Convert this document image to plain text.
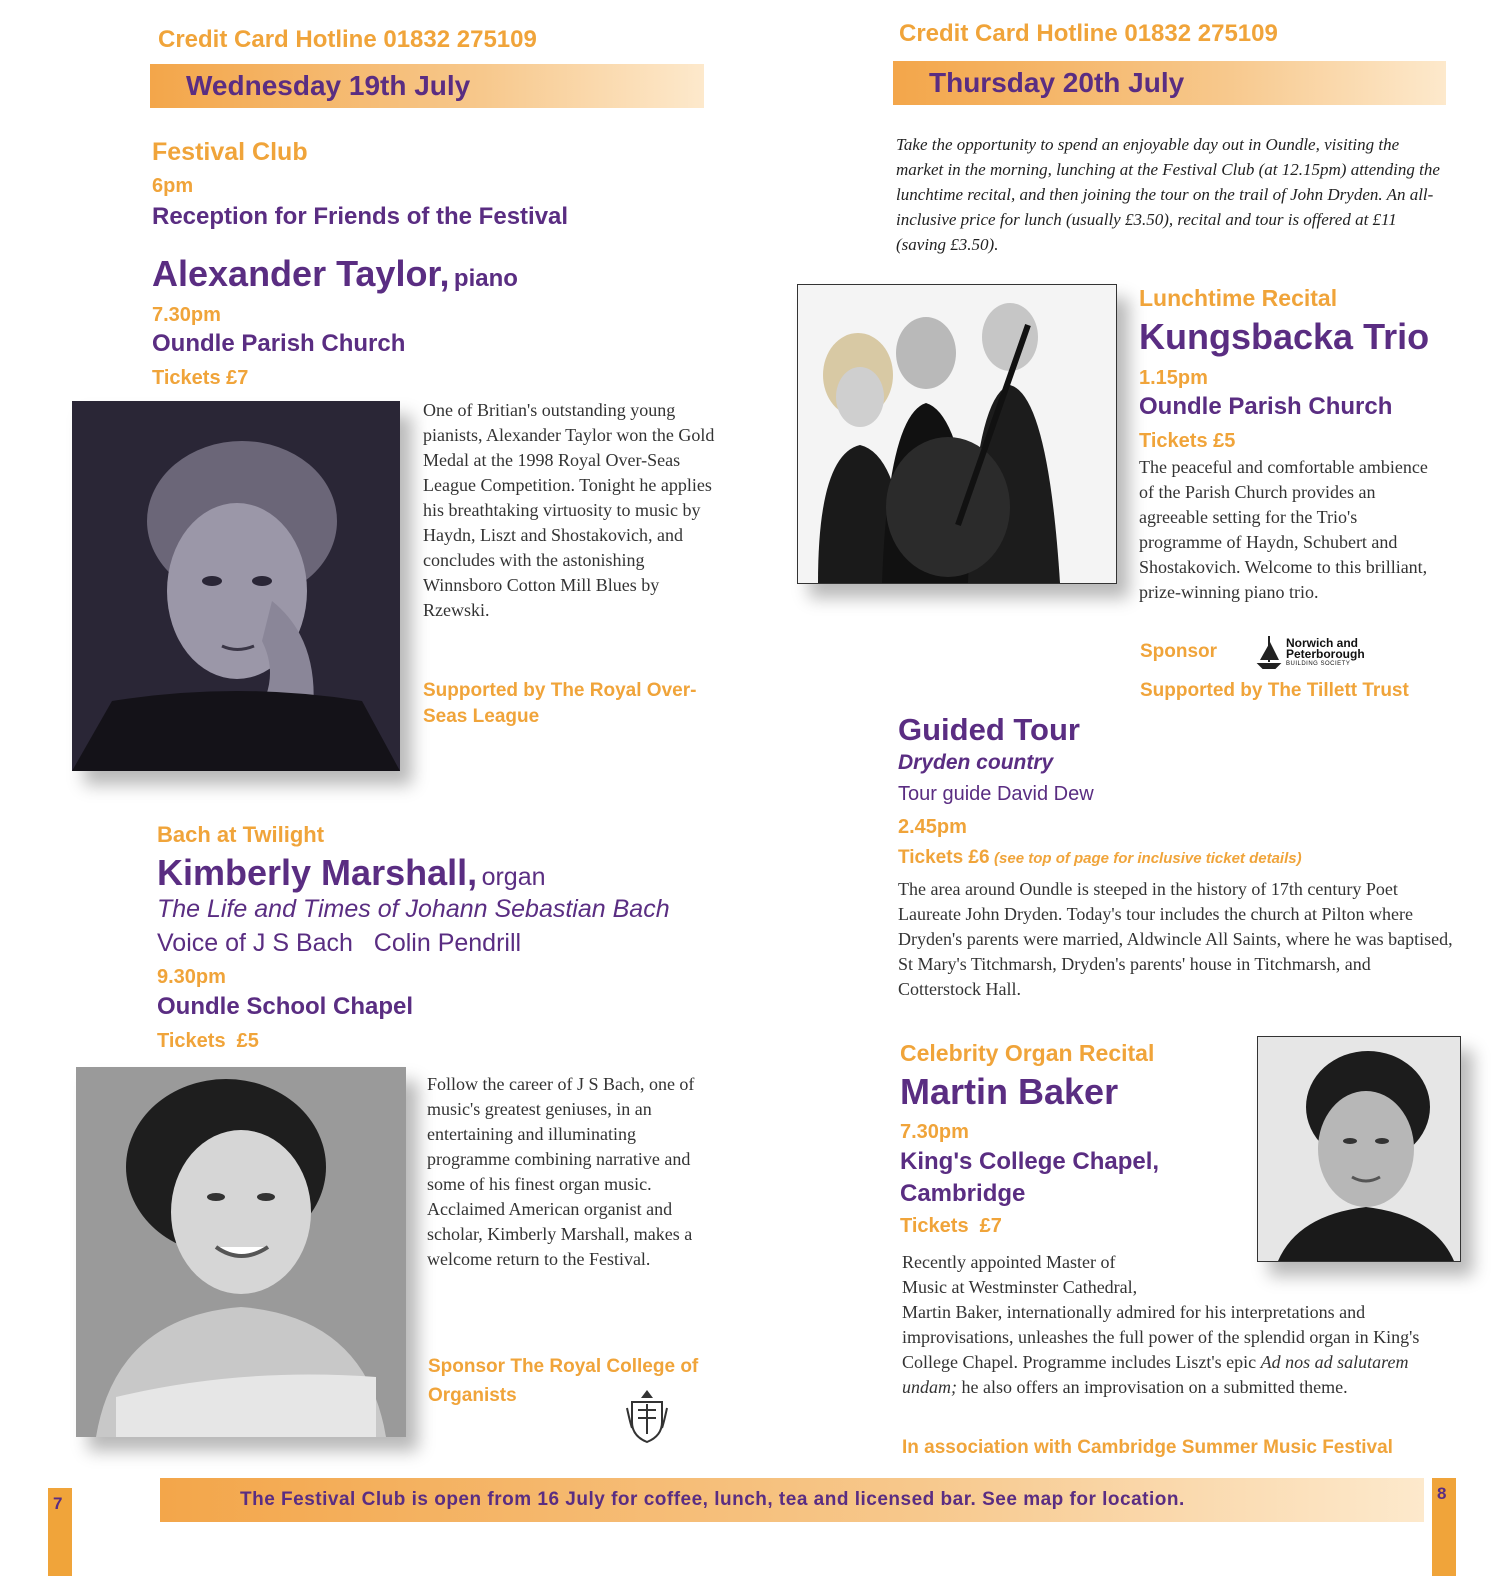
Credit Card Hotline 01832 275109
Wednesday 19th July
Festival Club
6pm
Reception for Friends of the Festival
Alexander Taylor, piano
7.30pm
Oundle Parish Church
Tickets £7
One of Britian's outstanding young pianists, Alexander Taylor won the Gold Medal at the 1998 Royal Over-Seas League Competition. Tonight he applies his breathtaking virtuosity to music by Haydn, Liszt and Shostakovich, and concludes with the astonishing Winnsboro Cotton Mill Blues by Rzewski.
Supported by The Royal Over-Seas League
Bach at Twilight
Kimberly Marshall, organ
The Life and Times of Johann Sebastian Bach
Voice of J S Bach   Colin Pendrill
9.30pm
Oundle School Chapel
Tickets  £5
Follow the career of J S Bach, one of music's greatest geniuses, in an entertaining and illuminating programme combining narrative and some of his finest organ music. Acclaimed American organist and scholar, Kimberly Marshall, makes a welcome return to the Festival.
Sponsor The Royal College of Organists
7
Credit Card Hotline 01832 275109
Thursday 20th July
Take the opportunity to spend an enjoyable day out in Oundle, visiting the market in the morning, lunching at the Festival Club (at 12.15pm) attending the lunchtime recital, and then joining the tour on the trail of John Dryden. An all-inclusive price for lunch (usually £3.50), recital and tour is offered at £11 (saving £3.50).
Lunchtime Recital
Kungsbacka Trio
1.15pm
Oundle Parish Church
Tickets £5
The peaceful and comfortable ambience of the Parish Church provides an agreeable setting for the Trio's programme of Haydn, Schubert and Shostakovich. Welcome to this brilliant, prize-winning piano trio.
Sponsor	Norwich and
Peterborough
BUILDING SOCIETY
Supported by The Tillett Trust
Guided Tour
Dryden country
Tour guide David Dew
2.45pm
Tickets £6 (see top of page for inclusive ticket details)
The area around Oundle is steeped in the history of 17th century Poet Laureate John Dryden. Today's tour includes the church at Pilton where Dryden's parents were married, Aldwincle All Saints, where he was baptised, St Mary's Titchmarsh, Dryden's parents' house in Titchmarsh, and Cotterstock Hall.
Celebrity Organ Recital
Martin Baker
7.30pm
King's College Chapel,
Cambridge
Tickets  £7
Recently appointed Master of
Music at Westminster Cathedral,
Martin Baker, internationally admired for his interpretations and improvisations, unleashes the full power of the splendid organ in King's College Chapel. Programme includes Liszt's epic Ad nos ad salutarem undam; he also offers an improvisation on a submitted theme.
In association with Cambridge Summer Music Festival
8
The Festival Club is open from 16 July for coffee, lunch, tea and licensed bar. See map for location.
